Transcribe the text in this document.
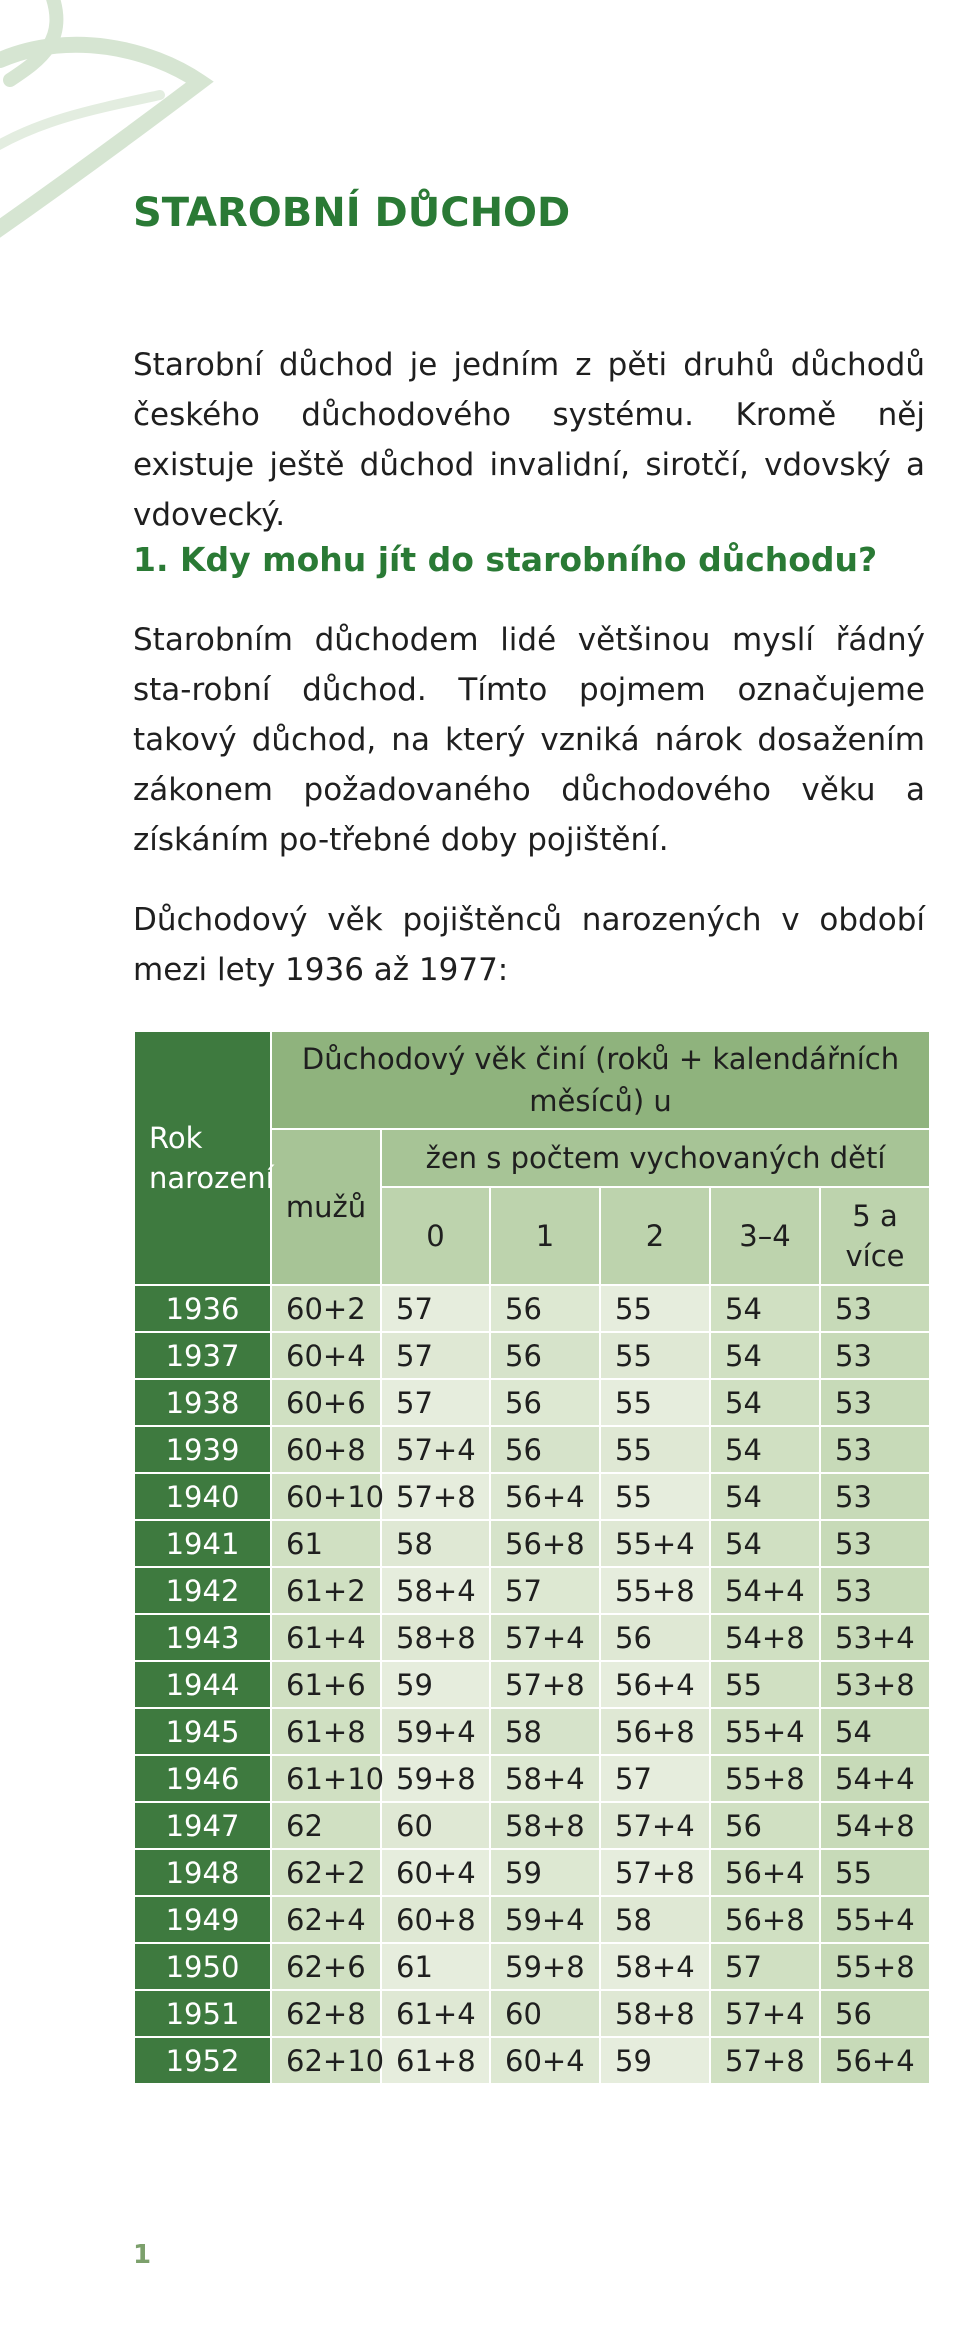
STAROBNÍ DŮCHOD

Starobní důchod je jedním z pěti druhů důchodů českého důchodového systému. Kromě něj existuje ještě důchod invalidní, sirotčí, vdovský a vdovecký.

1. Kdy mohu jít do starobního důchodu?

Starobním důchodem lidé většinou myslí řádný sta-robní důchod. Tímto pojmem označujeme takový důchod, na který vzniká nárok dosažením zákonem požadovaného důchodového věku a získáním po-třebné doby pojištění.

Důchodový věk pojištěnců narozených v období mezi lety 1936 až 1977:

Rok narození	Důchodový věk činí (roků + kalendářních měsíců) u					
	mužů	žen s počtem vychovaných dětí				
		0	1	2	3–4	5 a více
1936	60+2	57	56	55	54	53
1937	60+4	57	56	55	54	53
1938	60+6	57	56	55	54	53
1939	60+8	57+4	56	55	54	53
1940	60+10	57+8	56+4	55	54	53
1941	61	58	56+8	55+4	54	53
1942	61+2	58+4	57	55+8	54+4	53
1943	61+4	58+8	57+4	56	54+8	53+4
1944	61+6	59	57+8	56+4	55	53+8
1945	61+8	59+4	58	56+8	55+4	54
1946	61+10	59+8	58+4	57	55+8	54+4
1947	62	60	58+8	57+4	56	54+8
1948	62+2	60+4	59	57+8	56+4	55
1949	62+4	60+8	59+4	58	56+8	55+4
1950	62+6	61	59+8	58+4	57	55+8
1951	62+8	61+4	60	58+8	57+4	56
1952	62+10	61+8	60+4	59	57+8	56+4

1
